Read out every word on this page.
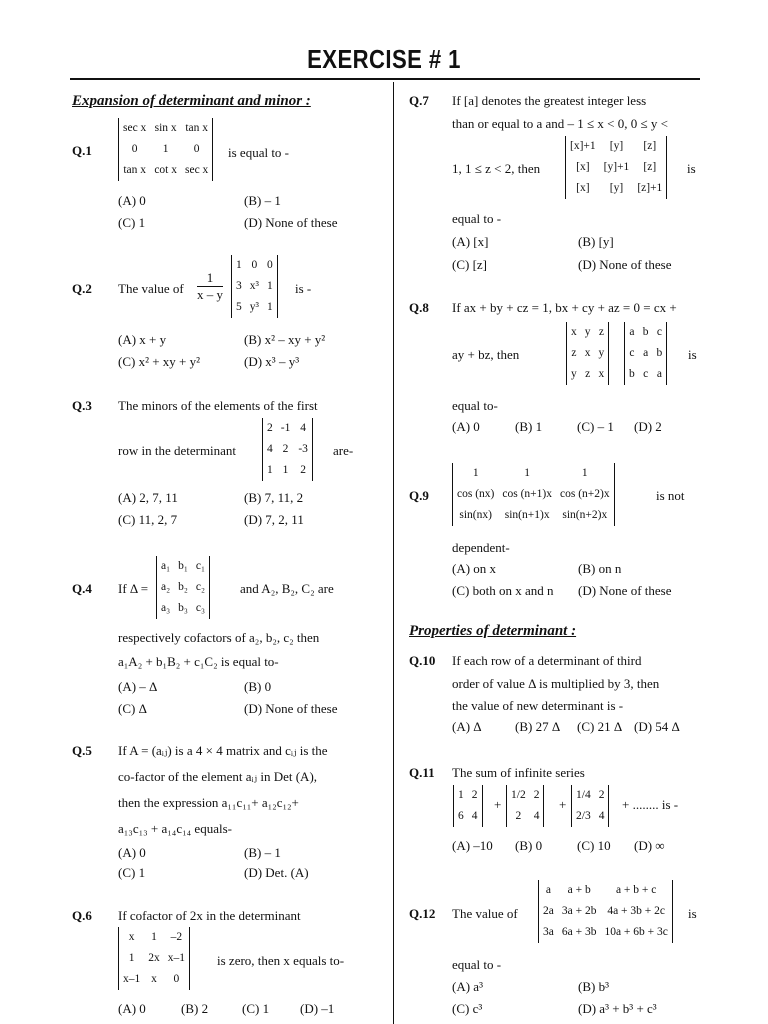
EXERCISE # 1
Expansion of determinant and minor :
Q.1
sec x	sin x	tan x
0	1	0
tan x	cot x	sec x
is equal to -
(A) 0	(B) – 1
(C) 1	(D) None of these
Q.2 The value of $\frac{1}{x - y}$
1	0	0
3	x³	1
5	y³	1
is -
(A) x + y	(B) x² – xy + y²
(C) x² + xy + y²	(D) x³ – y³
Q.3 The minors of the elements of the first
row in the determinant
2	-1	4
4	2	-3
1	1	2
are-
(A) 2, 7, 11	(B) 7, 11, 2
(C) 11, 2, 7	(D) 7, 2, 11
Q.4 If Δ =
a₁	b₁	c₁
a₂	b₂	c₂
a₃	b₃	c₃
and A₂, B₂, C₂ are
respectively cofactors of a₂, b₂, c₂ then
a₁A₂ + b₁B₂ + c₁C₂ is equal to-
(A) – Δ	(B) 0
(C) Δ	(D) None of these
Q.5 If A = (aᵢⱼ) is a 4 × 4 matrix and cᵢⱼ is the
co-factor of the element aᵢⱼ in Det (A),
then the expression a₁₁c₁₁+ a₁₂c₁₂+
a₁₃c₁₃ + a₁₄c₁₄ equals-
(A) 0	(B) – 1
(C) 1	(D) Det. (A)
Q.6 If cofactor of 2x in the determinant
x	1	–2
1	2x	x–1
x–1	x	0
is zero, then x equals to-
(A) 0	(B) 2	(C) 1 (D) –1
Q.7 If [a] denotes the greatest integer less
than or equal to a and – 1 ≤ x < 0, 0 ≤ y <
1, 1 ≤ z < 2, then
[x]+1	[y]	[z]
[x]	[y]+1	[z]
[x]	[y]	[z]+1
is
equal to -
(A) [x]	(B) [y]
(C) [z]	(D) None of these
Q.8 If ax + by + cz = 1, bx + cy + az = 0 = cx +
ay + bz, then
x	y	z
z	x	y
y	z	x
a	b	c
c	a	b
b	c	a
is
equal to-
(A) 0	(B) 1	(C) – 1 (D) 2
Q.9
1	1	1
cos (nx)	cos (n+1)x	cos (n+2)x
sin(nx)	sin(n+1)x	sin(n+2)x
is not
dependent-
(A) on x	(B) on n
(C) both on x and n (D) None of these
Properties of determinant :
Q.10 If each row of a determinant of third
order of value Δ is multiplied by 3, then
the value of new determinant is -
(A) Δ	(B) 27 Δ (C) 21 Δ (D) 54 Δ
Q.11 The sum of infinite series
1	2
6	4
+
1/2	2
2	4
+
1/4	2
2/3	4
+ ........ is -
(A) –10 (B) 0	(C) 10 (D) ∞
Q.12 The value of
a	a + b	a + b + c
2a	3a + 2b	4a + 3b + 2c
3a	6a + 3b	10a + 6b + 3c
is
equal to -
(A) a³	(B) b³
(C) c³	(D) a³ + b³ + c³
